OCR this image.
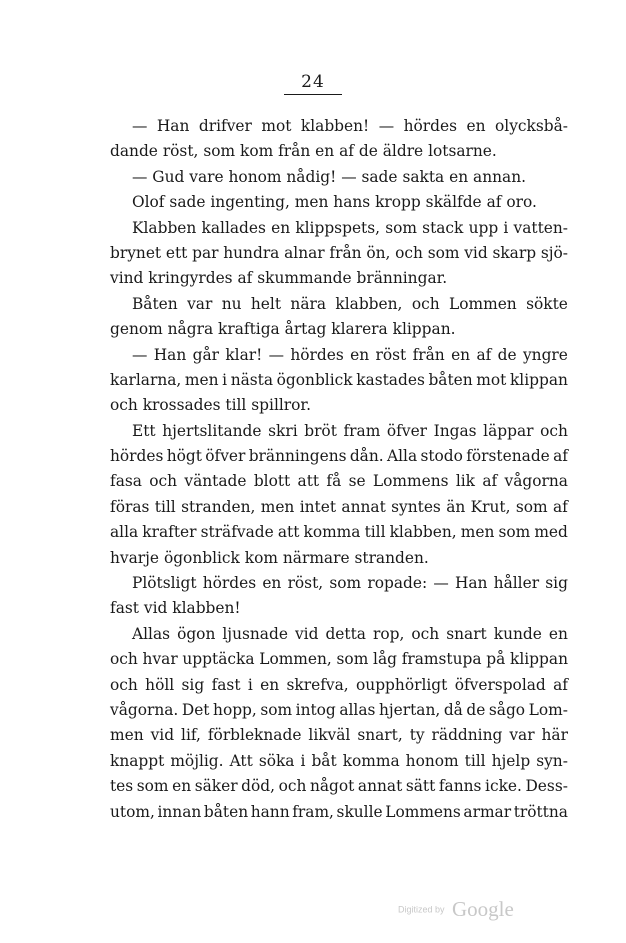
24
— Han drifver mot klabben! — hördes en olycksbå-
dande
röst,
som
kom
från
en
af
de
äldre
lotsarne.
—
Gud
vare
honom
nådig!
—
sade
sakta
en
annan.
Olof
sade
ingenting,
men
hans
kropp
skälfde
af
oro.
Klabben kallades en klippspets, som stack upp i vatten-
brynet ett par hundra alnar från ön, och som vid skarp sjö-
vind
kringyrdes
af
skummande
bränningar.
Båten var nu helt nära klabben, och Lommen sökte
genom
några
kraftiga
årtag
klarera
klippan.
— Han går klar! — hördes en röst från en af de yngre
karlarna, men i nästa ögonblick kastades båten mot klippan
och
krossades
till
spillror.
Ett hjertslitande skri bröt fram öfver Ingas läppar och
hördes högt öfver bränningens dån. Alla stodo förstenade af
fasa och väntade blott att få se Lommens lik af vågorna
föras till stranden, men intet annat syntes än Krut, som af
alla krafter sträfvade att komma till klabben, men som med
hvarje
ögonblick
kom
närmare
stranden.
Plötsligt hördes en röst, som ropade: — Han håller sig
fast
vid
klabben!
Allas ögon ljusnade vid detta rop, och snart kunde en
och hvar upptäcka Lommen, som låg framstupa på klippan
och höll sig fast i en skrefva, oupphörligt öfverspolad af
vågorna. Det hopp, som intog allas hjertan, då de sågo Lom-
men vid lif, förbleknade likväl snart, ty räddning var här
knappt möjlig. Att söka i båt komma honom till hjelp syn-
tes som en säker död, och något annat sätt fanns icke. Dess-
utom, innan båten hann fram, skulle Lommens armar tröttna
Digitized by Google
